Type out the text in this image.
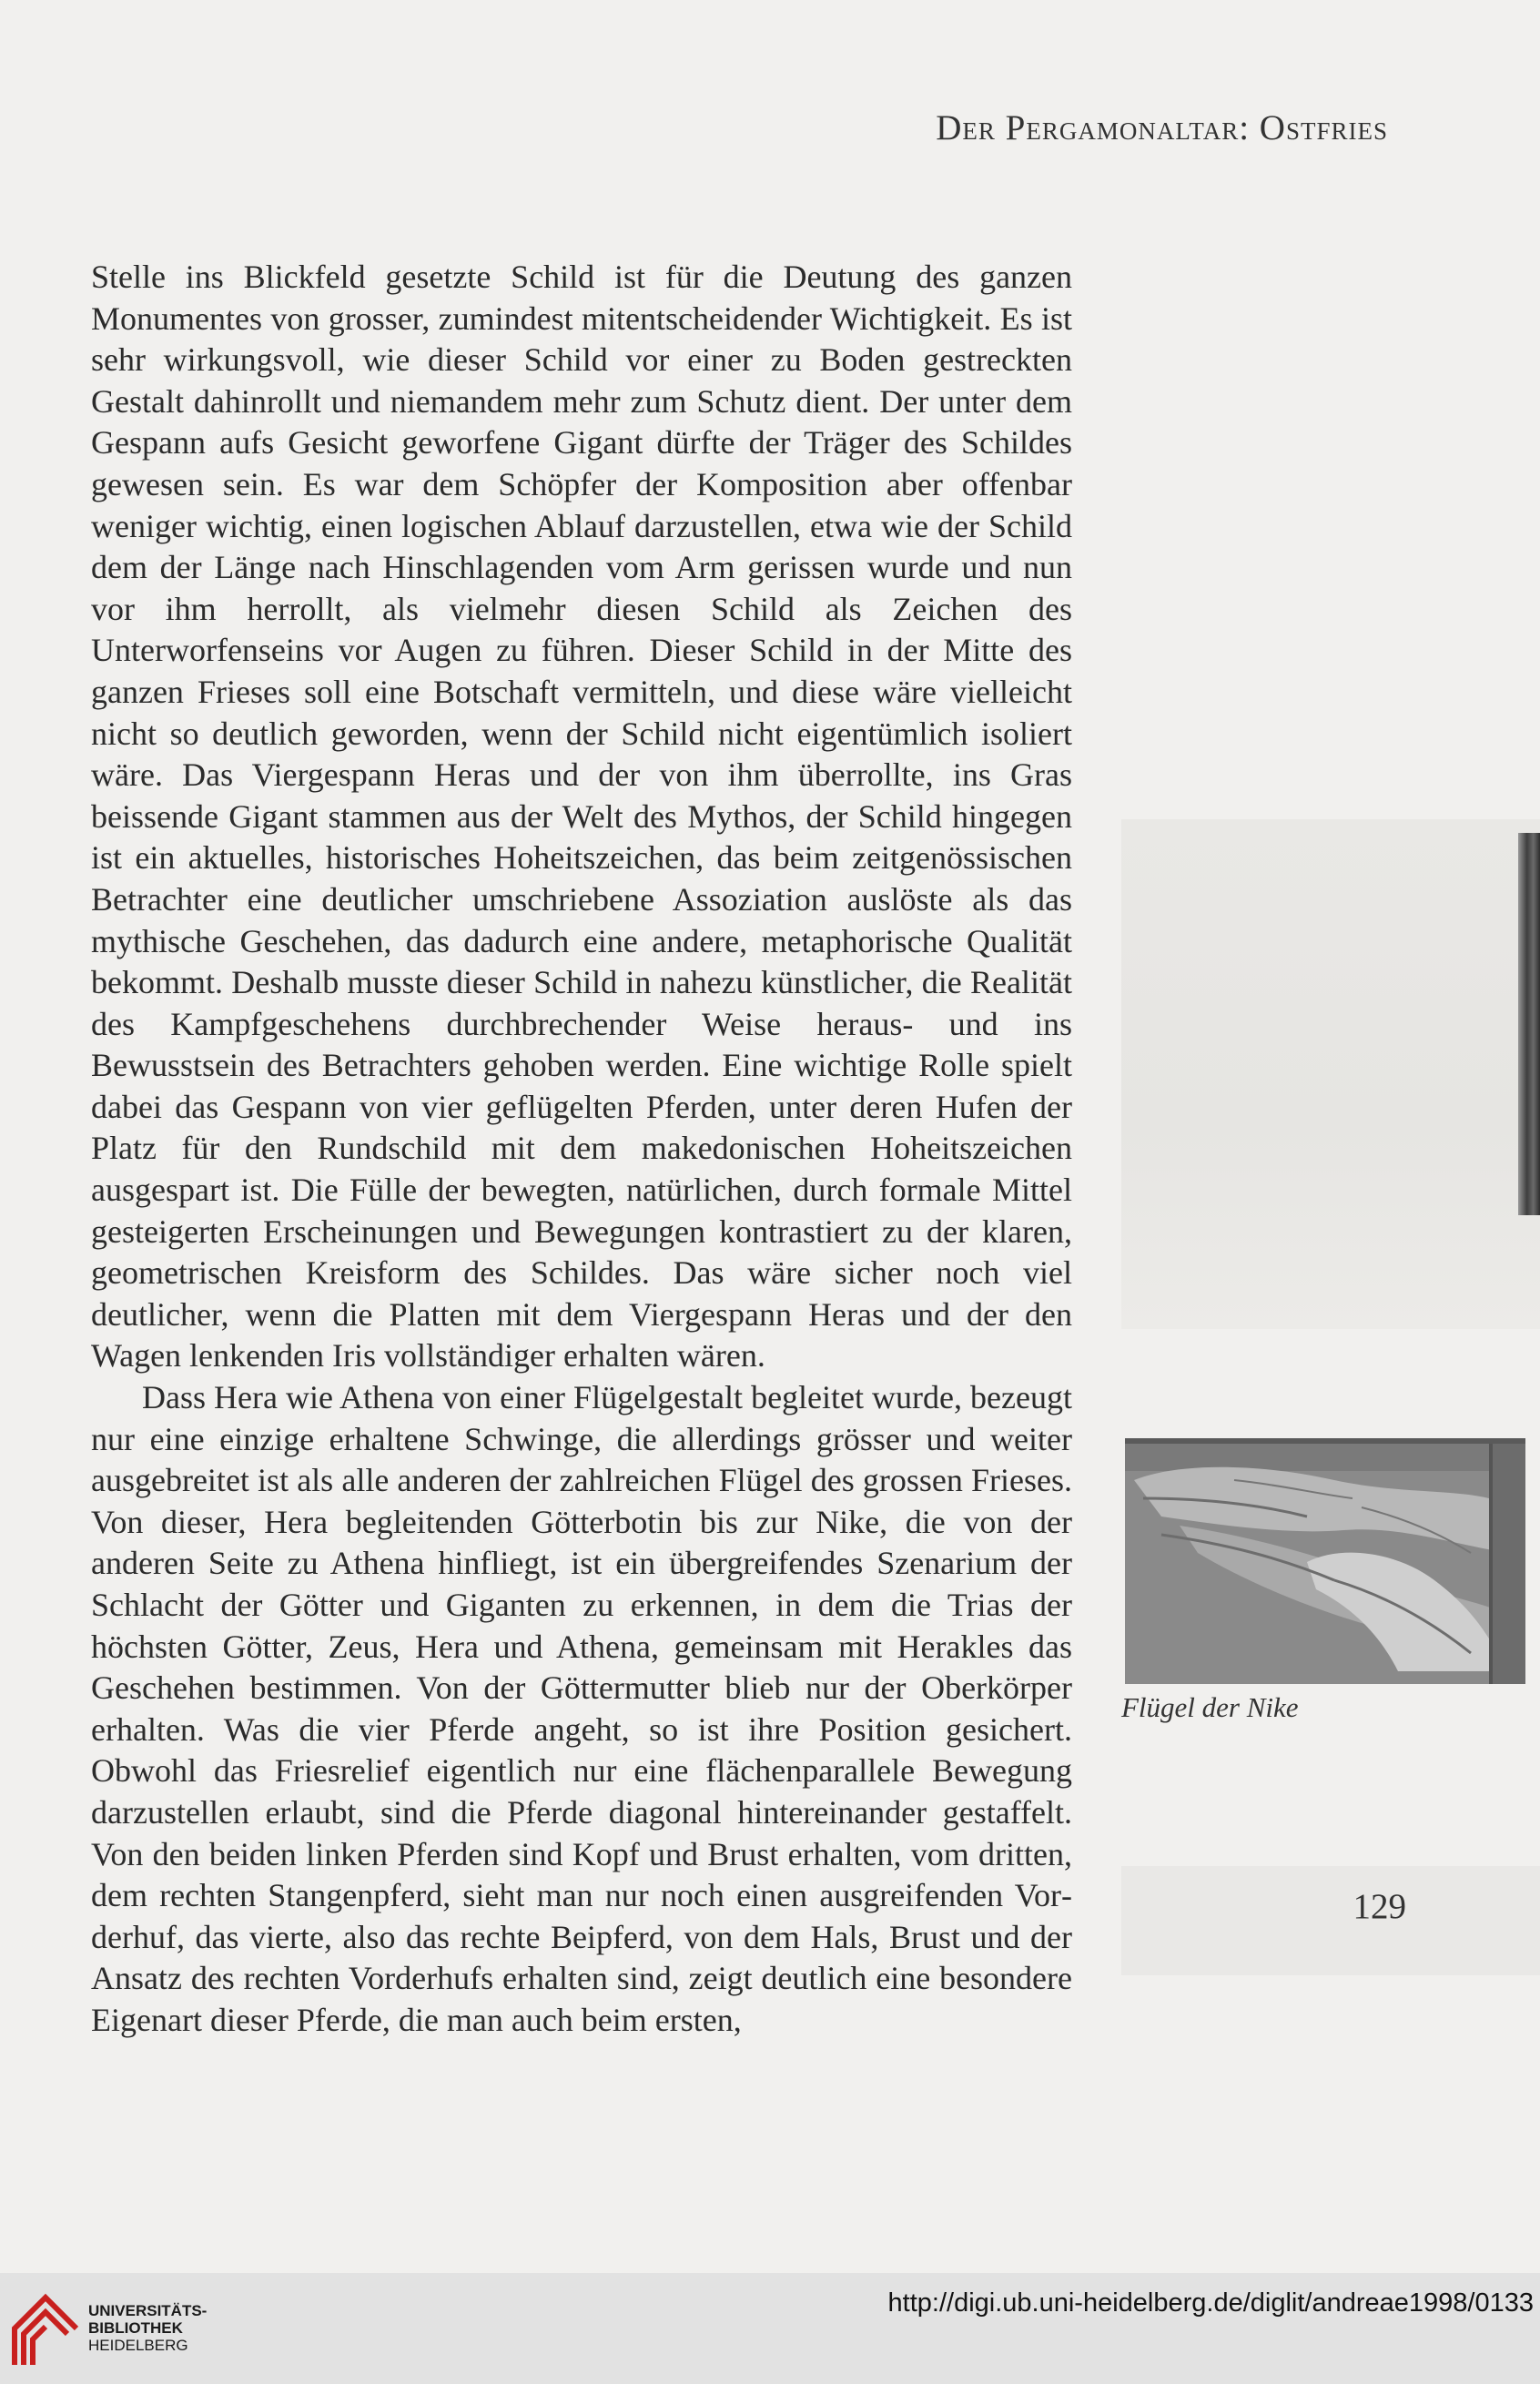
Der Pergamonaltar: Ostfries

Stelle ins Blickfeld gesetzte Schild ist für die Deutung des ganzen Monumentes von grosser, zumindest mitentscheidender Wichtigkeit. Es ist sehr wirkungsvoll, wie dieser Schild vor einer zu Boden gestreckten Gestalt dahinrollt und niemandem mehr zum Schutz dient. Der unter dem Gespann aufs Gesicht geworfene Gigant dürfte der Träger des Schildes gewesen sein. Es war dem Schöpfer der Komposition aber offenbar weniger wichtig, einen logischen Ablauf darzustellen, etwa wie der Schild dem der Länge nach Hinschlagenden vom Arm gerissen wurde und nun vor ihm herrollt, als vielmehr diesen Schild als Zeichen des Unterworfenseins vor Augen zu führen. Dieser Schild in der Mitte des ganzen Frieses soll eine Botschaft vermitteln, und diese wäre vielleicht nicht so deutlich geworden, wenn der Schild nicht eigentümlich isoliert wäre. Das Viergespann Heras und der von ihm überrollte, ins Gras beissende Gigant stammen aus der Welt des Mythos, der Schild hingegen ist ein aktuelles, historisches Hoheitszeichen, das beim zeitgenössischen Betrachter eine deutlicher umschriebene Assoziation auslöste als das mythische Geschehen, das dadurch eine andere, metaphorische Qualität bekommt. Deshalb musste dieser Schild in nahezu künstlicher, die Realität des Kampfgeschehens durchbrechender Weise heraus- und ins Bewusstsein des Betrachters gehoben werden. Eine wichtige Rolle spielt dabei das Gespann von vier geflügelten Pferden, unter deren Hufen der Platz für den Rundschild mit dem makedonischen Hoheitszeichen ausgespart ist. Die Fülle der bewegten, natürlichen, durch formale Mittel gesteigerten Erscheinungen und Bewegungen kontrastiert zu der klaren, geometrischen Kreisform des Schildes. Das wäre sicher noch viel deutlicher, wenn die Platten mit dem Viergespann Heras und der den Wagen lenkenden Iris vollständiger erhalten wären.

Dass Hera wie Athena von einer Flügelgestalt begleitet wurde, bezeugt nur eine einzige erhaltene Schwinge, die allerdings grösser und weiter ausgebreitet ist als alle anderen der zahlreichen Flügel des grossen Frieses. Von dieser, Hera begleitenden Götterbotin bis zur Nike, die von der anderen Seite zu Athena hinfliegt, ist ein übergreifendes Szenarium der Schlacht der Götter und Giganten zu erkennen, in dem die Trias der höchsten Götter, Zeus, Hera und Athena, gemeinsam mit Herakles das Geschehen bestimmen. Von der Göttermutter blieb nur der Oberkörper erhalten. Was die vier Pferde angeht, so ist ihre Position gesichert. Obwohl das Friesrelief eigentlich nur eine flächenparallele Bewegung darzustellen erlaubt, sind die Pferde diagonal hintereinander gestaffelt. Von den beiden linken Pferden sind Kopf und Brust erhalten, vom dritten, dem rechten Stangenpferd, sieht man nur noch einen ausgreifenden Vorderhuf, das vierte, also das rechte Beipferd, von dem Hals, Brust und der Ansatz des rechten Vorderhufs erhalten sind, zeigt deutlich eine besondere Eigenart dieser Pferde, die man auch beim ersten,

Flügel der Nike
129
UNIVERSITÄTS-
BIBLIOTHEK
HEIDELBERG
http://digi.ub.uni-heidelberg.de/diglit/andreae1998/0133
